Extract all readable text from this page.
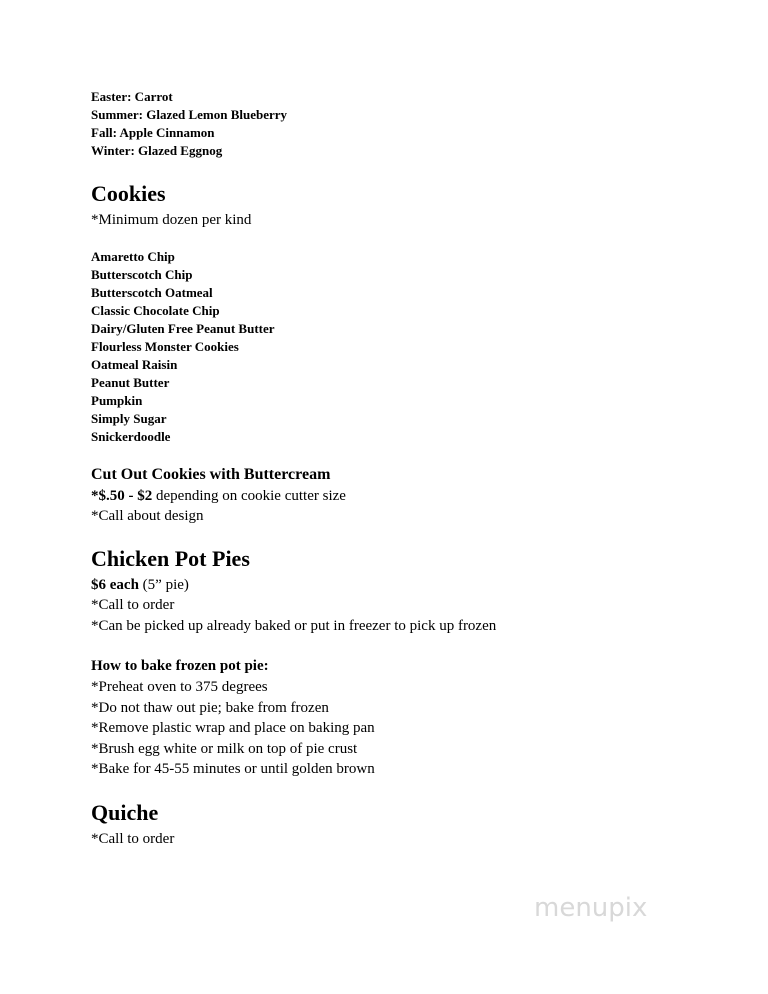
Easter: Carrot
Summer: Glazed Lemon Blueberry
Fall: Apple Cinnamon
Winter: Glazed Eggnog
Cookies
*Minimum dozen per kind
Amaretto Chip
Butterscotch Chip
Butterscotch Oatmeal
Classic Chocolate Chip
Dairy/Gluten Free Peanut Butter
Flourless Monster Cookies
Oatmeal Raisin
Peanut Butter
Pumpkin
Simply Sugar
Snickerdoodle
Cut Out Cookies with Buttercream
*$.50 - $2 depending on cookie cutter size
*Call about design
Chicken Pot Pies
$6 each (5” pie)
*Call to order
*Can be picked up already baked or put in freezer to pick up frozen
How to bake frozen pot pie:
*Preheat oven to 375 degrees
*Do not thaw out pie; bake from frozen
*Remove plastic wrap and place on baking pan
*Brush egg white or milk on top of pie crust
*Bake for 45-55 minutes or until golden brown
Quiche
*Call to order
menupix
